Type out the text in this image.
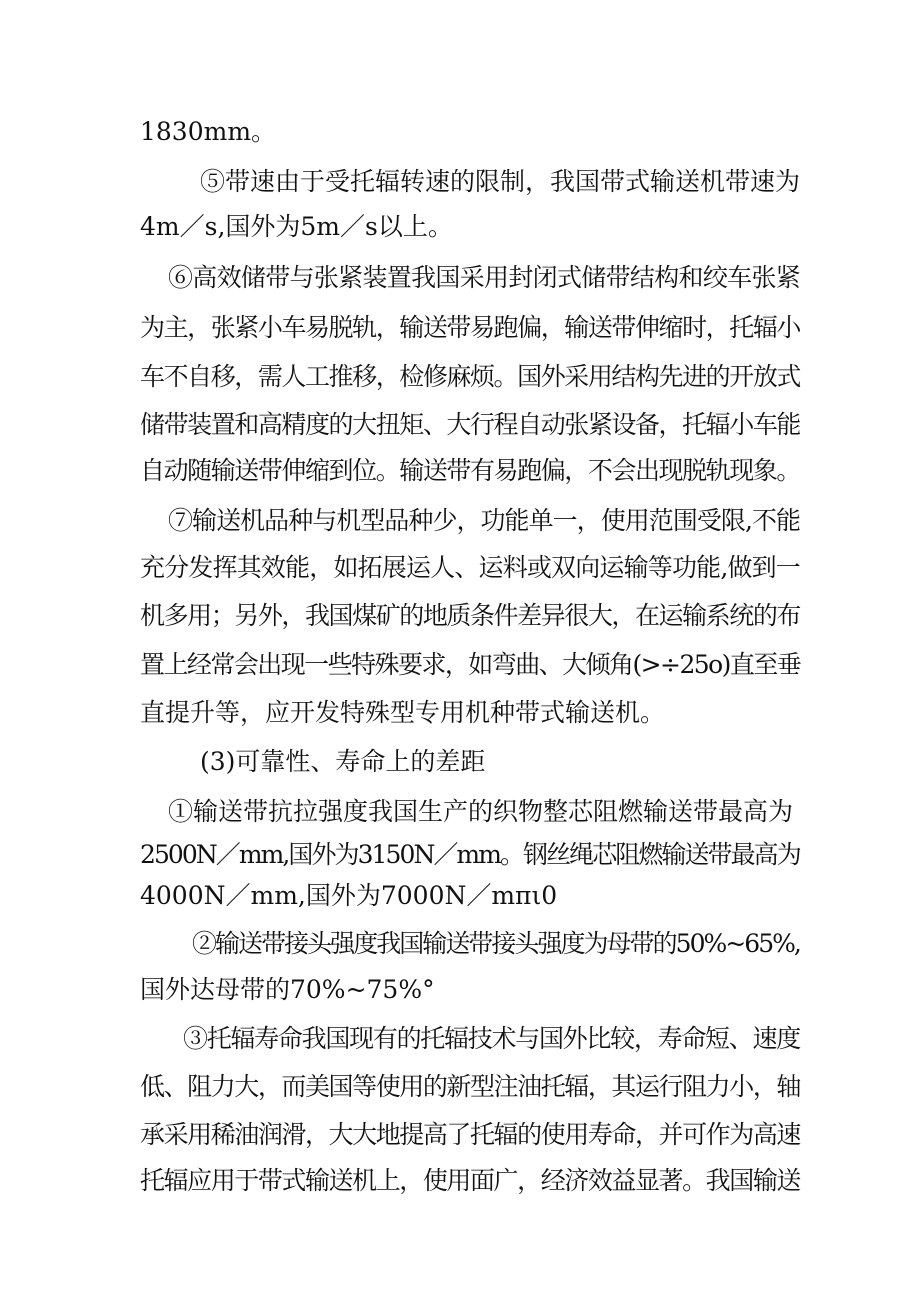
1830mm。

⑤带速由于受托辐转速的限制，我国带式输送机带速为

4m／s,国外为5m／s以上。

⑥高效储带与张紧装置我国采用封闭式储带结构和绞车张紧

为主，张紧小车易脱轨，输送带易跑偏，输送带伸缩时，托辐小

车不自移，需人工推移，检修麻烦。国外采用结构先进的开放式

储带装置和高精度的大扭矩、大行程自动张紧设备，托辐小车能

自动随输送带伸缩到位。输送带有易跑偏，不会出现脱轨现象。

⑦输送机品种与机型品种少，功能单一，使用范围受限,不能

充分发挥其效能，如拓展运人、运料或双向运输等功能,做到一

机多用；另外，我国煤矿的地质条件差异很大，在运输系统的布

置上经常会出现一些特殊要求，如弯曲、大倾角(>÷25o)直至垂

直提升等，应开发特殊型专用机种带式输送机。

(3)可靠性、寿命上的差距

①输送带抗拉强度我国生产的织物整芯阻燃输送带最高为

2500N／mm,国外为3150N／mm。钢丝绳芯阻燃输送带最高为

4000N／mm,国外为7000N／mπι0

②输送带接头强度我国输送带接头强度为母带的50%~65%,

国外达母带的70%~75%°

③托辐寿命我国现有的托辐技术与国外比较，寿命短、速度

低、阻力大，而美国等使用的新型注油托辐，其运行阻力小，轴

承采用稀油润滑，大大地提高了托辐的使用寿命，并可作为高速

托辐应用于带式输送机上，使用面广，经济效益显著。我国输送
